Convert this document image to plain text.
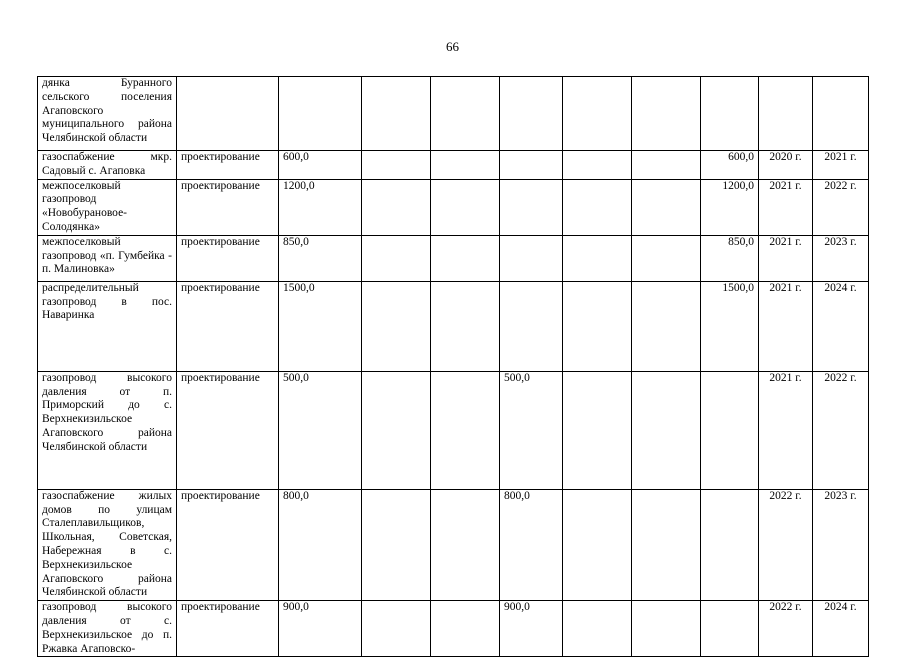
66
дянка Буранного сельского поселения Агаповского муниципального района Челябинской области										
газоспабжение мкр. Садовый с. Агаповка	проектирование	600,0						600,0	2020 г.	2021 г.
межпоселковый газопровод «Новобурановое-Солодянка»	проектирование	1200,0						1200,0	2021 г.	2022 г.
межпоселковый газопровод «п. Гумбейка - п. Малиновка»	проектирование	850,0						850,0	2021 г.	2023 г.
распределительный газопровод в пос. Наваринка	проектирование	1500,0						1500,0	2021 г.	2024 г.
газопровод высокого давления от п. Приморский до с. Верхнекизильское Агаповского района Челябинской области	проектирование	500,0			500,0				2021 г.	2022 г.
газоспабжение жилых домов по улицам Сталеплавильщиков, Школьная, Советская, Набережная в с. Верхнекизильское Агаповского района Челябинской области	проектирование	800,0			800,0				2022 г.	2023 г.
газопровод высокого давления от с. Верхнекизильское до п. Ржавка Агаповско-	проектирование	900,0			900,0				2022 г.	2024 г.
